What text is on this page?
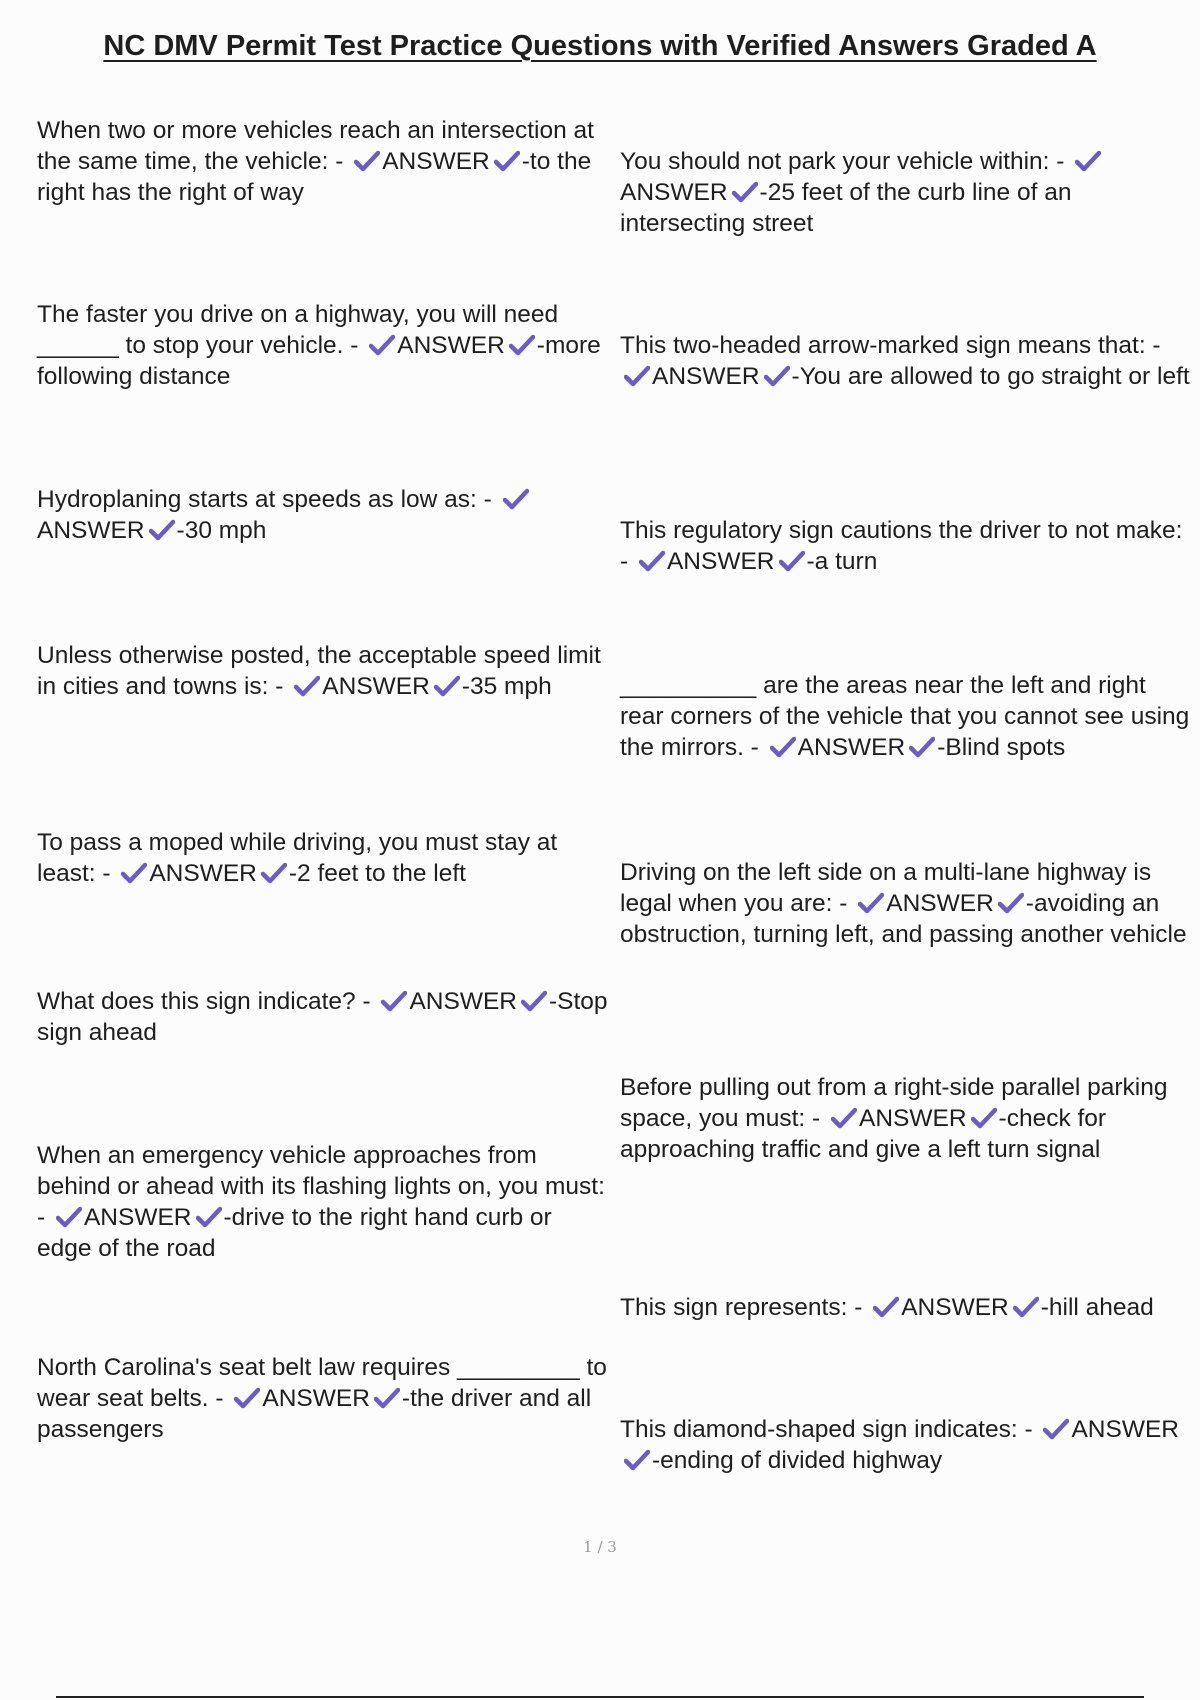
NC DMV Permit Test Practice Questions with Verified Answers Graded A

When two or more vehicles reach an intersection at the same time, the vehicle: -
ANSWER -to the right has the right of way

The faster you drive on a highway, you will need ______ to stop your vehicle. -
ANSWER -more following distance

Hydroplaning starts at speeds as low as: -
ANSWER -30 mph

Unless otherwise posted, the acceptable speed limit in cities and towns is: -
ANSWER -35 mph

To pass a moped while driving, you must stay at least: -
ANSWER -2 feet to the left

What does this sign indicate? -
ANSWER -Stop sign ahead

When an emergency vehicle approaches from behind or ahead with its flashing lights on, you must: -
ANSWER -drive to the right hand curb or edge of the road

North Carolina's seat belt law requires _________ to wear seat belts. -
ANSWER -the driver and all passengers

You should not park your vehicle within: -
ANSWER -25 feet of the curb line of an intersecting street

This two-headed arrow-marked sign means that: -
ANSWER -You are allowed to go straight or left

This regulatory sign cautions the driver to not make: -
ANSWER -a turn

__________ are the areas near the left and right rear corners of the vehicle that you cannot see using the mirrors. -
ANSWER -Blind spots

Driving on the left side on a multi-lane highway is legal when you are: -
ANSWER -avoiding an obstruction, turning left, and passing another vehicle

Before pulling out from a right-side parallel parking space, you must: -
ANSWER -check for approaching traffic and give a left turn signal

This sign represents: -
ANSWER -hill ahead

This diamond-shaped sign indicates: -
ANSWER
-ending of divided highway

1 / 3
